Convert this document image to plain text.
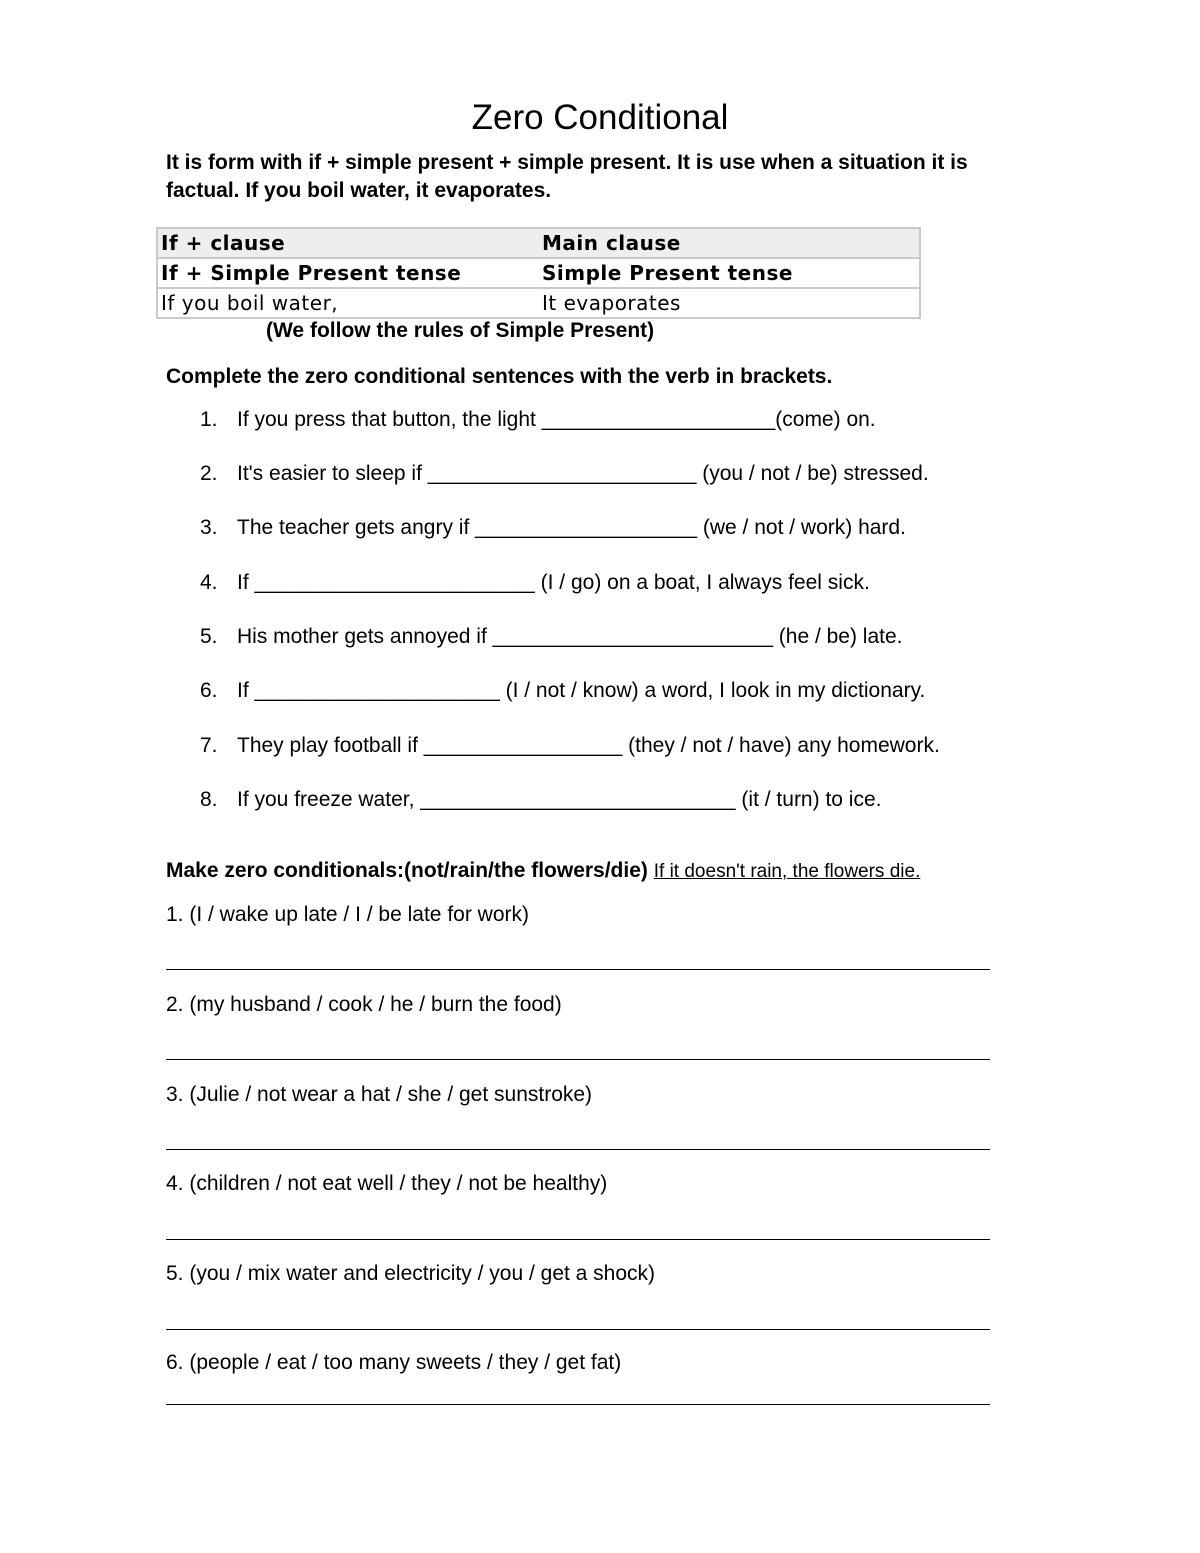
Zero Conditional
It is form with if + simple present + simple present. It is use when a situation it is factual. If you boil water, it evaporates.
If + clause	Main clause
If + Simple Present tense	Simple Present tense
If you boil water,	It evaporates
(We follow the rules of Simple Present)
Complete the zero conditional sentences with the verb in brackets.
1. If you press that button, the light ____________________(come) on.
2. It's easier to sleep if _______________________ (you / not / be) stressed.
3. The teacher gets angry if ___________________ (we / not / work) hard.
4. If ________________________ (I / go) on a boat, I always feel sick.
5. His mother gets annoyed if ________________________ (he / be) late.
6. If _____________________ (I / not / know) a word, I look in my dictionary.
7. They play football if _________________ (they / not / have) any homework.
8. If you freeze water, ___________________________ (it / turn) to ice.
Make zero conditionals:(not/rain/the flowers/die) If it doesn't rain, the flowers die.
1. (I / wake up late / I / be late for work)
2. (my husband / cook / he / burn the food)
3. (Julie / not wear a hat / she / get sunstroke)
4. (children / not eat well / they / not be healthy)
5. (you / mix water and electricity / you / get a shock)
6. (people / eat / too many sweets / they / get fat)
